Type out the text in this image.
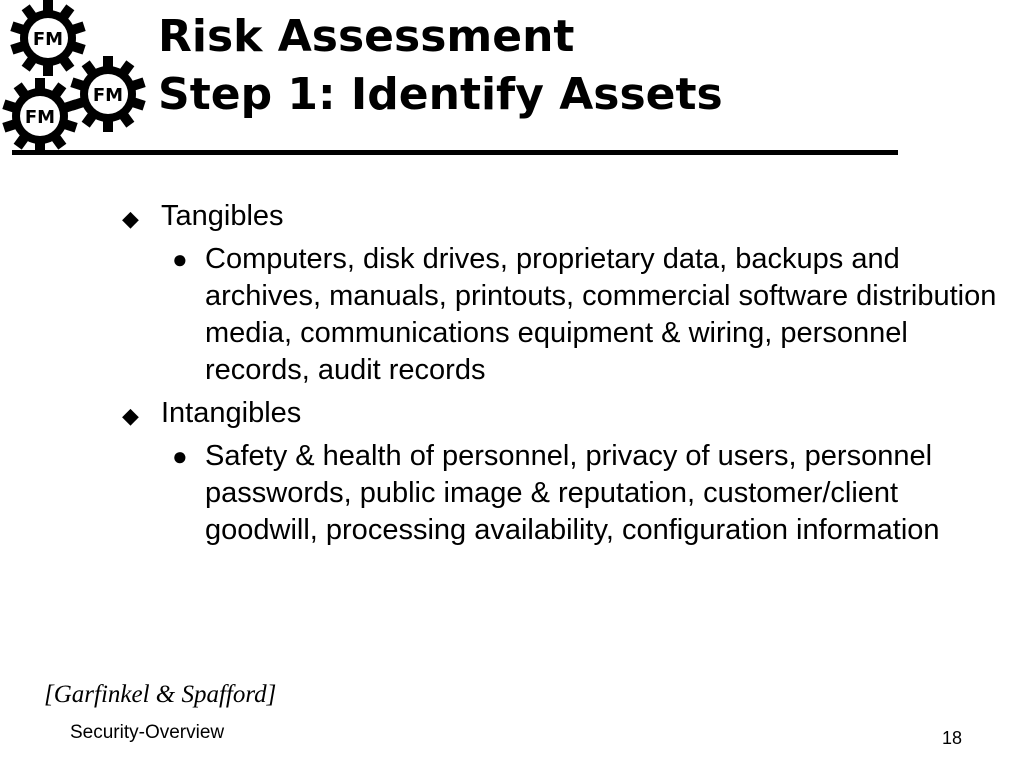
FM
FM
FM
Risk Assessment
Step 1: Identify Assets
◆ Tangibles
● Computers, disk drives, proprietary data, backups and archives, manuals, printouts, commercial software distribution media, communications equipment & wiring, personnel records, audit records
◆ Intangibles
● Safety & health of personnel, privacy of users, personnel passwords, public image & reputation, customer/client goodwill, processing availability, configuration information
[Garfinkel & Spafford]
Security-Overview	18
